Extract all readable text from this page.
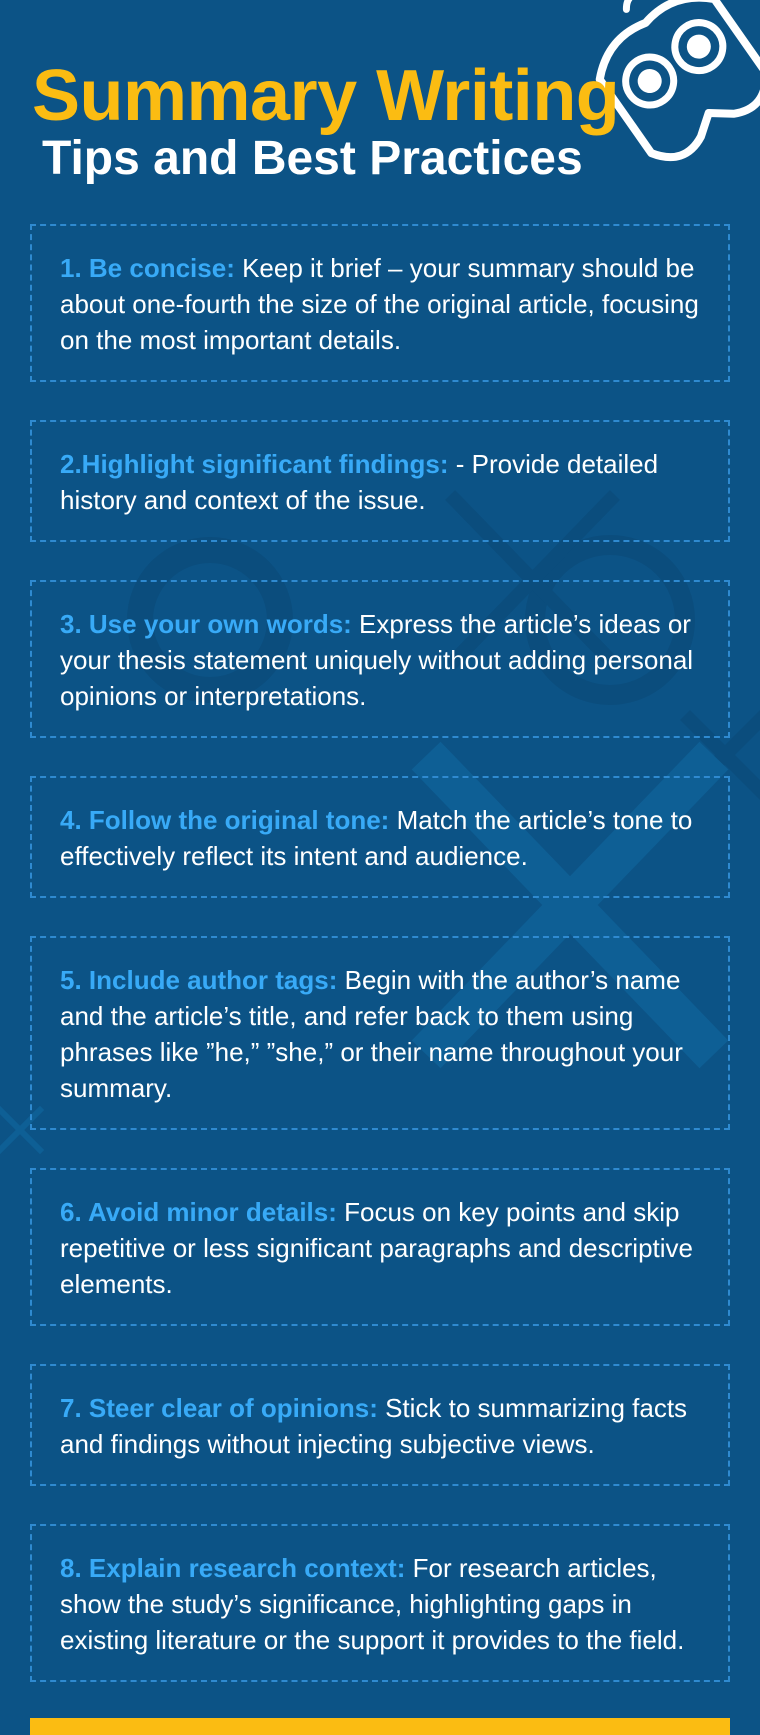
Summary Writing
Tips and Best Practices
1. Be concise: Keep it brief – your summary should be about one-fourth the size of the original article, focusing on the most important details.
2.Highlight significant findings: - Provide detailed history and context of the issue.
3. Use your own words: Express the article’s ideas or your thesis statement uniquely without adding personal opinions or interpretations.
4. Follow the original tone: Match the article’s tone to effectively reflect its intent and audience.
5. Include author tags: Begin with the author’s name and the article’s title, and refer back to them using phrases like ”he,” ”she,” or their name throughout your summary.
6. Avoid minor details: Focus on key points and skip repetitive or less significant paragraphs and descriptive elements.
7. Steer clear of opinions: Stick to summarizing facts and findings without injecting subjective views.
8. Explain research context: For research articles, show the study’s significance, highlighting gaps in existing literature or the support it provides to the field.
